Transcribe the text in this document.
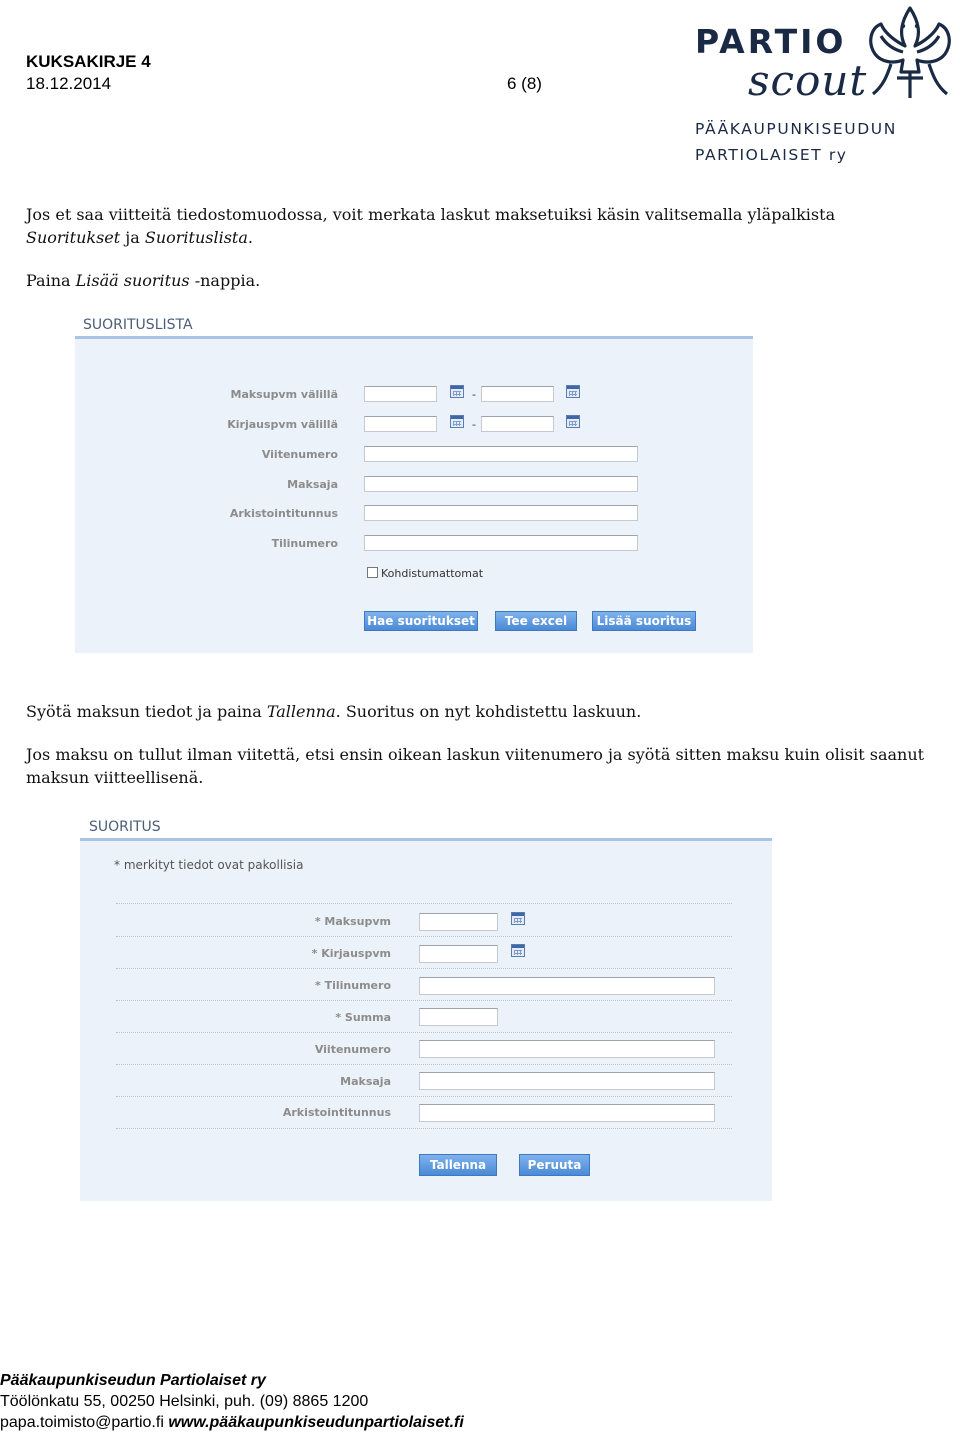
KUKSAKIRJE 4
18.12.2014	6 (8)
PARTIO
scout
PÄÄKAUPUNKISEUDUN
PARTIOLAISET ry
Jos et saa viitteitä tiedostomuodossa, voit merkata laskut maksetuiksi käsin valitsemalla yläpalkista Suoritukset ja Suorituslista.
Paina Lisää suoritus -nappia.
SUORITUSLISTA
Maksupvm välillä	-
Kirjauspvm välillä	-
Viitenumero
Maksaja
Arkistointitunnus
Tilinumero
Kohdistumattomat
Hae suoritukset	Tee excel	Lisää suoritus
Syötä maksun tiedot ja paina Tallenna. Suoritus on nyt kohdistettu laskuun.
Jos maksu on tullut ilman viitettä, etsi ensin oikean laskun viitenumero ja syötä sitten maksu kuin olisit saanut maksun viitteellisenä.
SUORITUS
* merkityt tiedot ovat pakollisia
* Maksupvm
* Kirjauspvm
* Tilinumero
* Summa
Viitenumero
Maksaja
Arkistointitunnus
Tallenna	Peruuta
Pääkaupunkiseudun Partiolaiset ry
Töölönkatu 55, 00250 Helsinki, puh. (09) 8865 1200
papa.toimisto@partio.fi www.pääkaupunkiseudunpartiolaiset.fi
